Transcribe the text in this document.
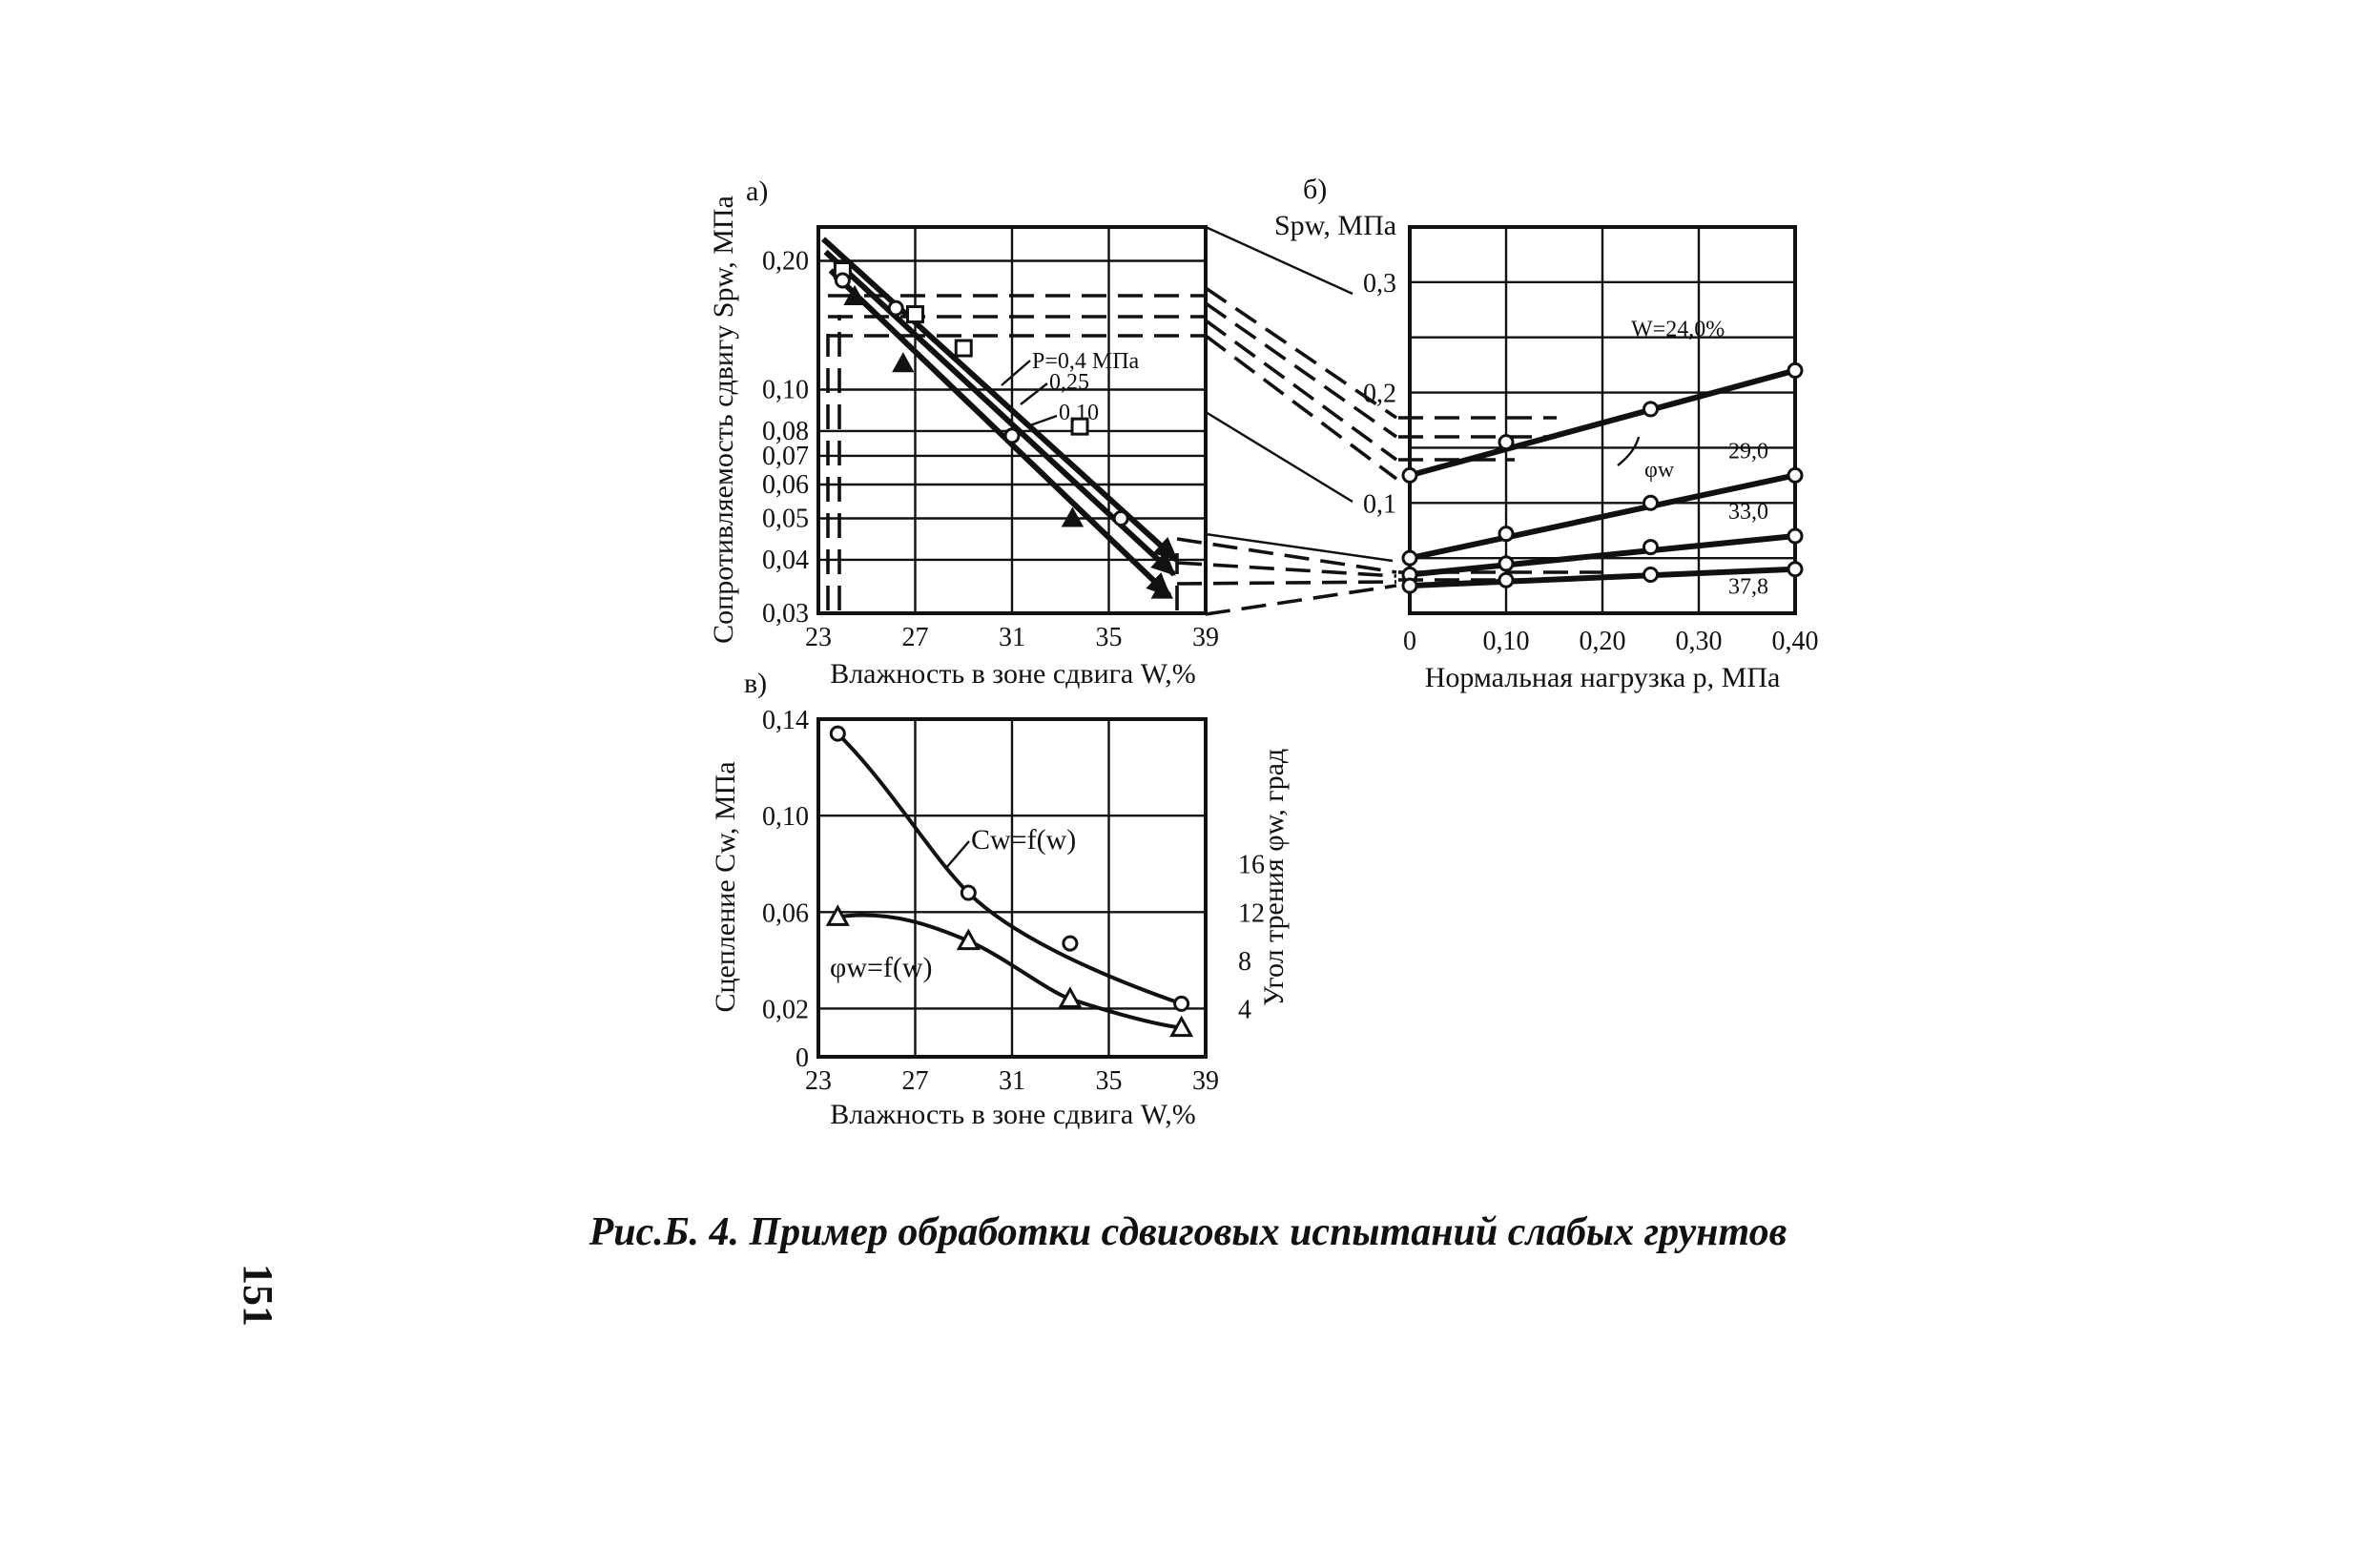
а)
0,20
0,10
0,08
0,07
0,06
0,05
0,04
0,03
23	27	31	35	39
Сопротивляемость сдвигу Spw, МПа
Влажность в зоне сдвига W,%
P=0,4 МПа
0,25
0,10
б)
Spw, МПа
0,3
0,2
0,1
0 0,10 0,20 0,30 0,40
Нормальная нагрузка р, МПа
W=24,0%
29,0
33,0
37,8
φw
в)
0
0,02
0,06
0,10
0,14
4
8
12
16
23	27	31	35	39
Сцепление Cw, МПа	Угол трения φw, град
Влажность в зоне сдвига W,%
Cw=f(w)
φw=f(w)
Рис.Б. 4. Пример обработки сдвиговых испытаний слабых грунтов
151
